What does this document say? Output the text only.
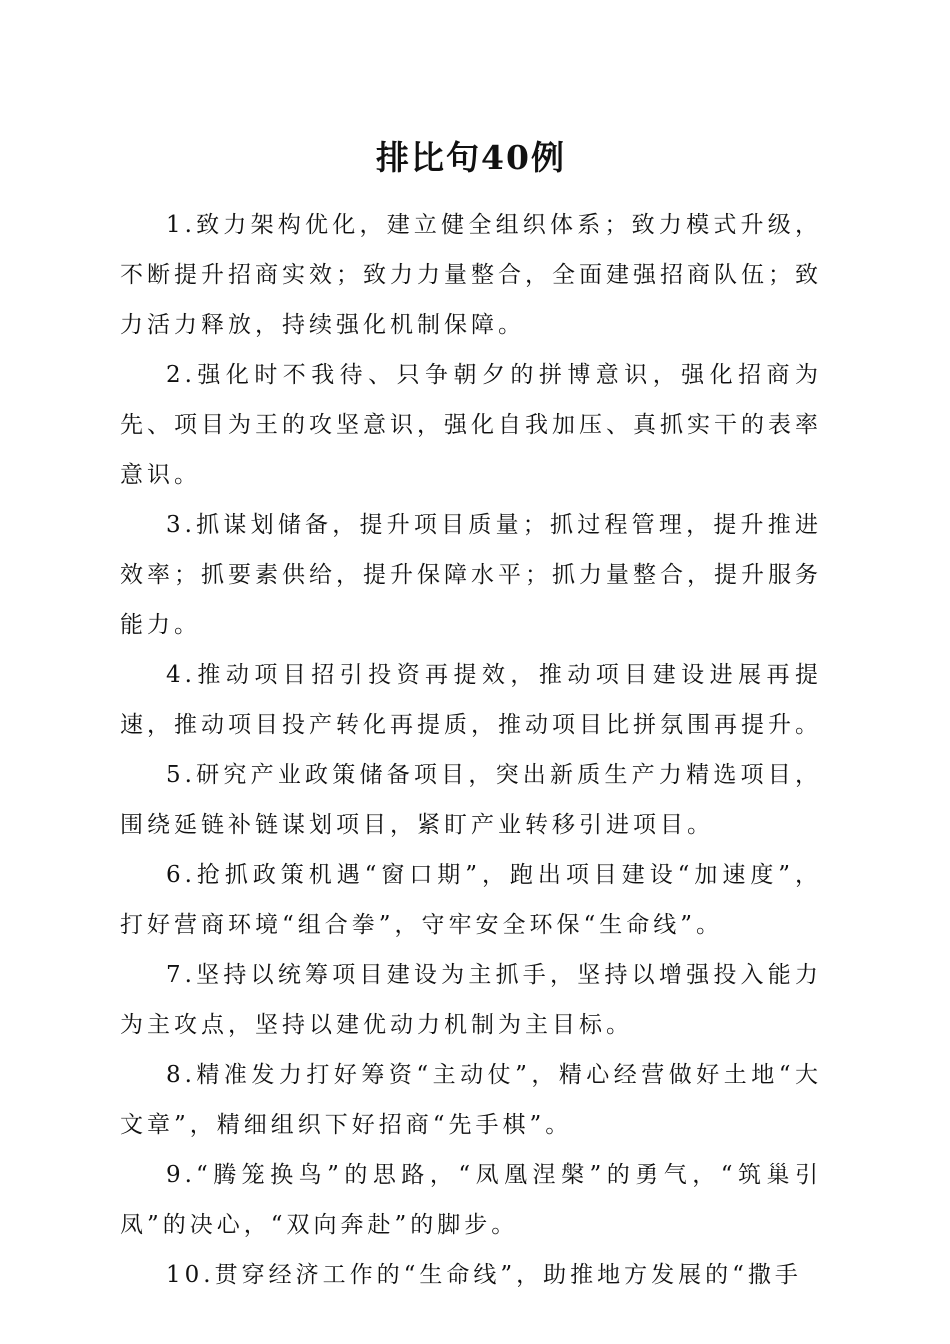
排比句40例

1.致力架构优化，建立健全组织体系；致力模式升级，不断提升招商实效；致力力量整合，全面建强招商队伍；致力活力释放，持续强化机制保障。

2.强化时不我待、只争朝夕的拼博意识，强化招商为先、项目为王的攻坚意识，强化自我加压、真抓实干的表率意识。

3.抓谋划储备，提升项目质量；抓过程管理，提升推进效率；抓要素供给，提升保障水平；抓力量整合，提升服务能力。

4.推动项目招引投资再提效，推动项目建设进展再提速，推动项目投产转化再提质，推动项目比拼氛围再提升。

5.研究产业政策储备项目，突出新质生产力精选项目，围绕延链补链谋划项目，紧盯产业转移引进项目。

6.抢抓政策机遇“窗口期”，跑出项目建设“加速度”，打好营商环境“组合拳”，守牢安全环保“生命线”。

7.坚持以统筹项目建设为主抓手，坚持以增强投入能力为主攻点，坚持以建优动力机制为主目标。

8.精准发力打好筹资“主动仗”，精心经营做好土地“大文章”，精细组织下好招商“先手棋”。

9.“腾笼换鸟”的思路，“凤凰涅槃”的勇气，“筑巢引凤”的决心，“双向奔赴”的脚步。

10.贯穿经济工作的“生命线”，助推地方发展的“撒手
